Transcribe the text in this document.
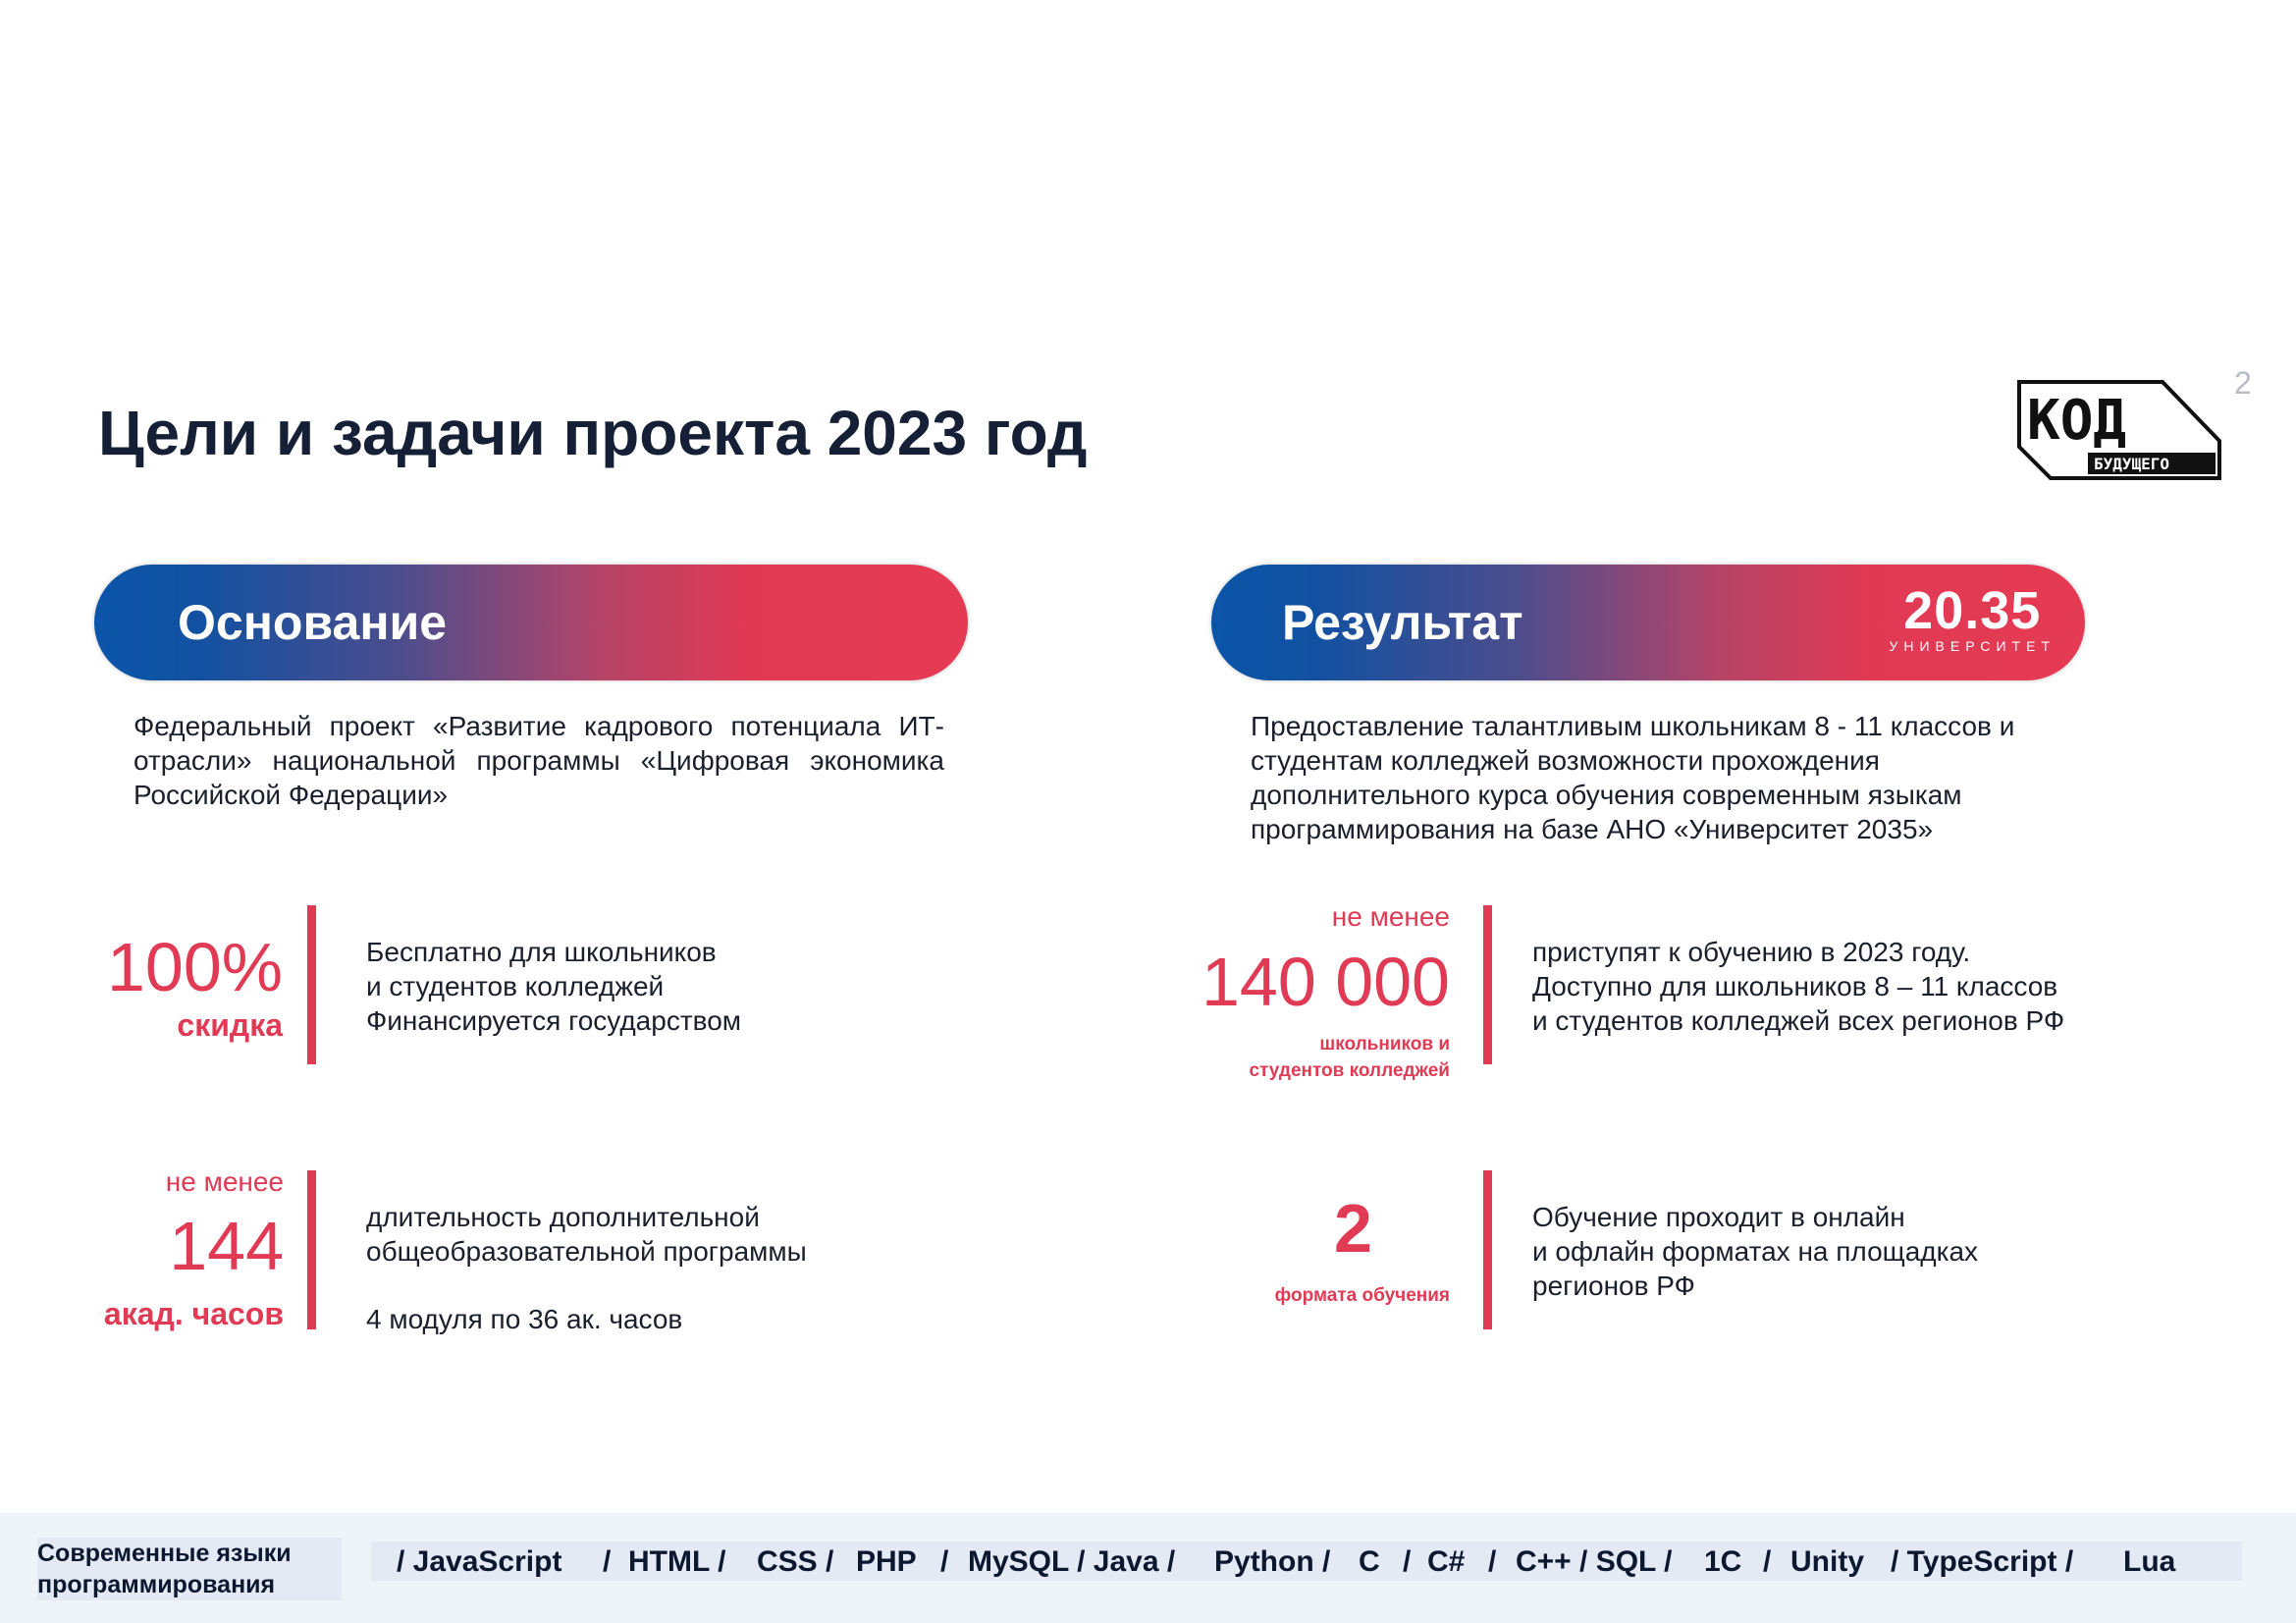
2
Цели и задачи проекта 2023 год	КОД
БУДУЩЕГО
Основание
Федеральный проект «Развитие кадрового потенциала ИТ- отрасли» национальной программы «Цифровая экономика Российской Федерации»
Результат	20.35
УНИВЕРСИТЕТ
Предоставление талантливым школьникам 8 - 11 классов и
студентам колледжей возможности прохождения
дополнительного курса обучения современным языкам
программирования на базе АНО «Университет 2035»
100%
скидка
Бесплатно для школьников
и студентов колледжей
Финансируется государством
не менее
140 000
школьников и
студентов колледжей
приступят к обучению в 2023 году.
Доступно для школьников 8 – 11 классов
и студентов колледжей всех регионов РФ
не менее
144
акад. часов
длительность дополнительной
общеобразовательной программы
4 модуля по 36 ак. часов
2
формата обучения
Обучение проходит в онлайн
и офлайн форматах на площадках
регионов РФ
Современные языки
программирования
/ JavaScript / HTML / CSS / PHP / MySQL / Java / Python / C / C# / C++ / SQL / 1C / Unity / TypeScript / Lua
